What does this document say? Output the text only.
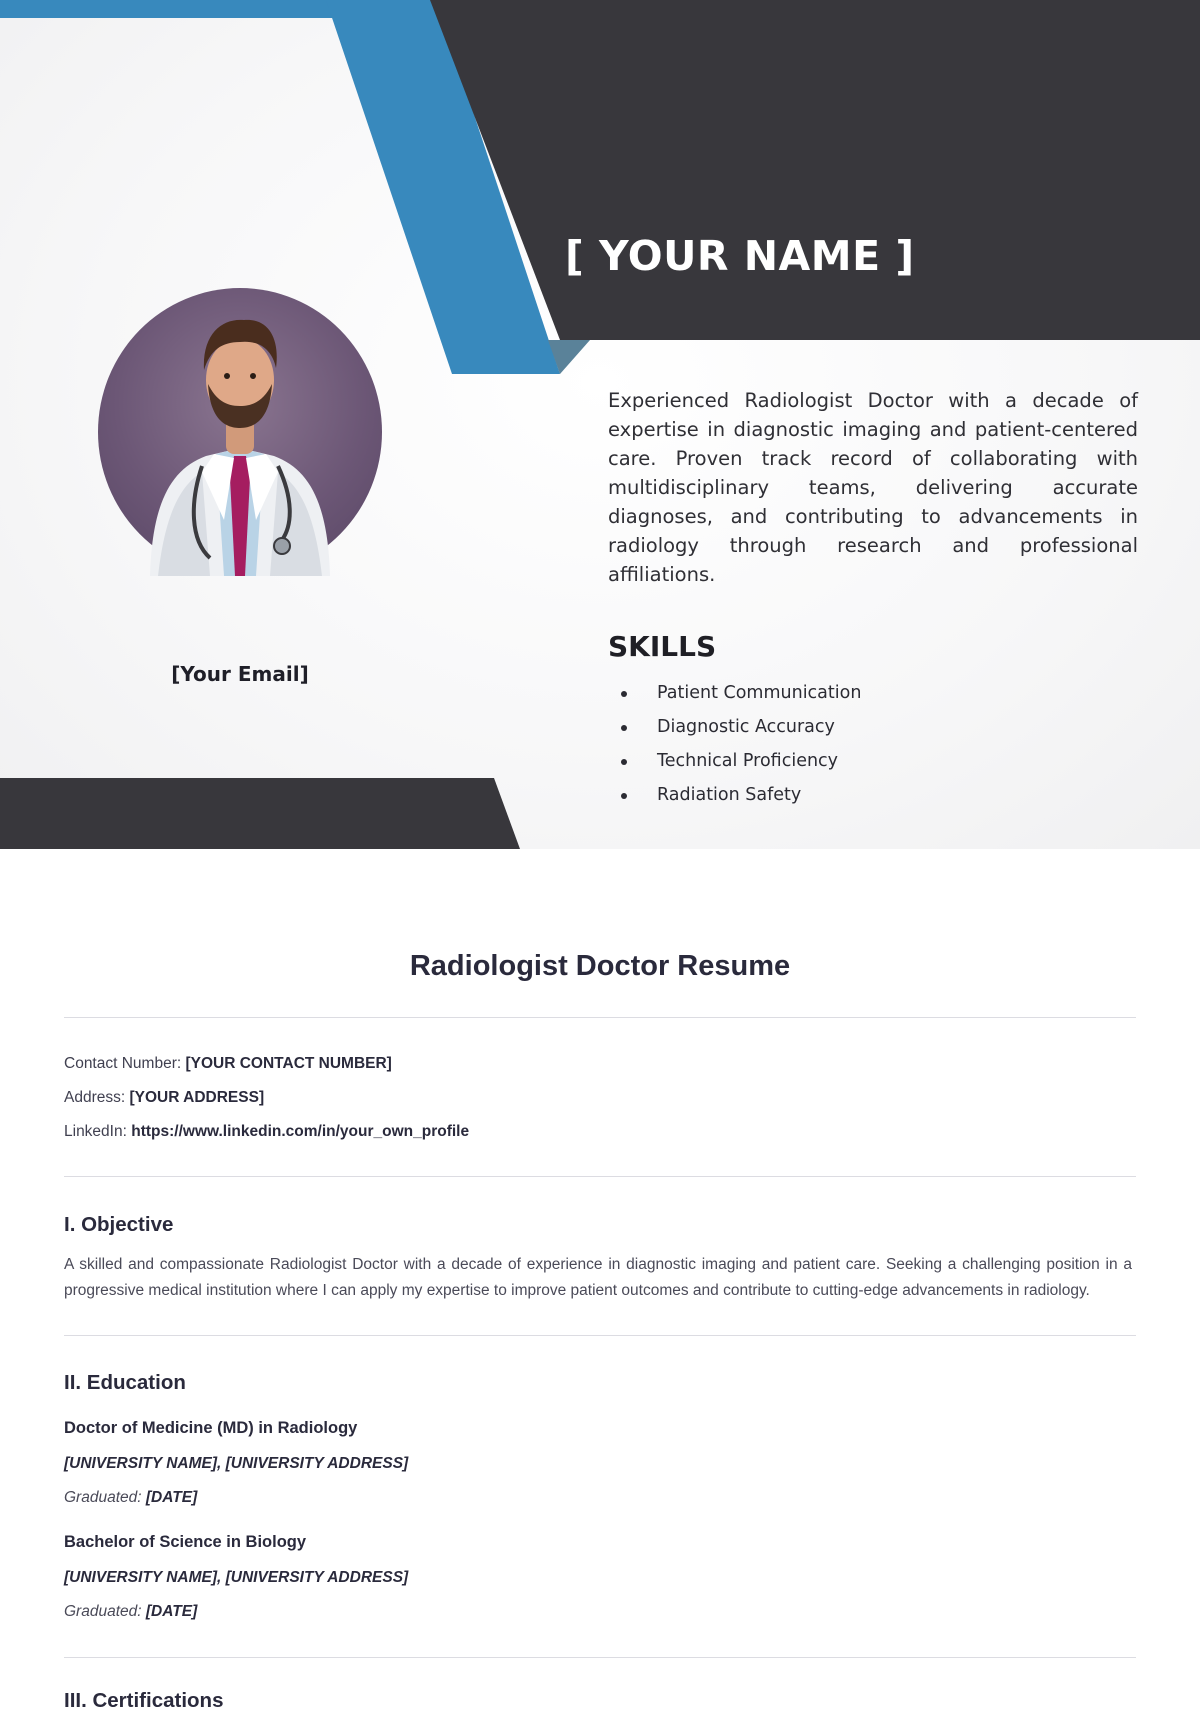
[ YOUR NAME ]
[Your Email]

Experienced Radiologist Doctor with a decade of expertise in diagnostic imaging and patient-centered care. Proven track record of collaborating with multidisciplinary teams, delivering accurate diagnoses, and contributing to advancements in radiology through research and professional affiliations.

SKILLS
Patient Communication
Diagnostic Accuracy
Technical Proficiency
Radiation Safety
Radiologist Doctor Resume
Contact Number: [YOUR CONTACT NUMBER]
Address: [YOUR ADDRESS]
LinkedIn: https://www.linkedin.com/in/your_own_profile
I. Objective

A skilled and compassionate Radiologist Doctor with a decade of experience in diagnostic imaging and patient care. Seeking a challenging position in a progressive medical institution where I can apply my expertise to improve patient outcomes and contribute to cutting-edge advancements in radiology.

II. Education
Doctor of Medicine (MD) in Radiology
[UNIVERSITY NAME], [UNIVERSITY ADDRESS]
Graduated: [DATE]
Bachelor of Science in Biology
[UNIVERSITY NAME], [UNIVERSITY ADDRESS]
Graduated: [DATE]
III. Certifications
